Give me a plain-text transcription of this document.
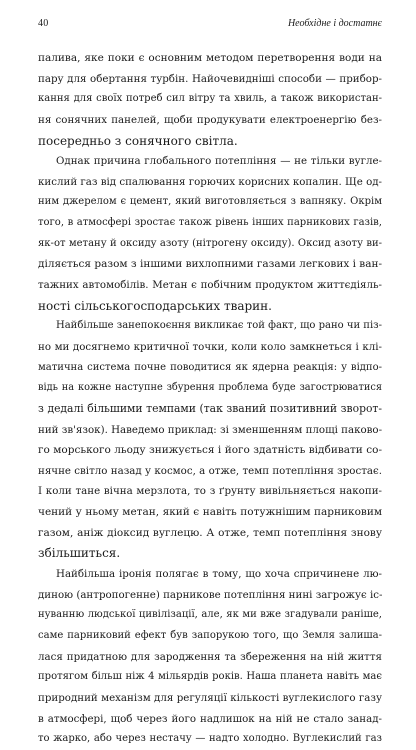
40	Необхідне і достатнє
палива, яке поки є основним методом перетворення води на
пару для обертання турбін. Найочевидніші способи — прибор-
кання для своїх потреб сил вітру та хвиль, а також використан-
ня сонячних панелей, щоби продукувати електроенергію без-
посередньо з сонячного світла.
Однак причина глобального потепління — не тільки вугле-
кислий газ від спалювання горючих корисних копалин. Ще од-
ним джерелом є цемент, який виготовляється з вапняку. Окрім
того, в атмосфері зростає також рівень інших парникових газів,
як-от метану й оксиду азоту (нітрогену оксиду). Оксид азоту ви-
діляється разом з іншими вихлопними газами легкових і ван-
тажних автомобілів. Метан є побічним продуктом життєдіяль-
ності сільськогосподарських тварин.
Найбільше занепокоєння викликає той факт, що рано чи піз-
но ми досягнемо критичної точки, коли коло замкнеться і клі-
матична система почне поводитися як ядерна реакція: у відпо-
відь на кожне наступне збурення проблема буде загострюватися
з дедалі більшими темпами (так званий позитивний зворот-
ний зв'язок). Наведемо приклад: зі зменшенням площі паково-
го морського льоду знижується і його здатність відбивати со-
нячне світло назад у космос, а отже, темп потепління зростає.
І коли тане вічна мерзлота, то з ґрунту вивільняється накопи-
чений у ньому метан, який є навіть потужнішим парниковим
газом, аніж діоксид вуглецю. А отже, темп потепління знову
збільшиться.
Найбільша іронія полягає в тому, що хоча спричинене лю-
диною (антропогенне) парникове потепління нині загрожує іс-
нуванню людської цивілізації, але, як ми вже згадували раніше,
саме парниковий ефект був запорукою того, що Земля залиша-
лася придатною для зародження та збереження на ній життя
протягом більш ніж 4 мільярдів років. Наша планета навіть має
природний механізм для регуляції кількості вуглекислого газу
в атмосфері, щоб через його надлишок на ній не стало занад-
то жарко, або через нестачу — надто холодно. Вуглекислий газ
